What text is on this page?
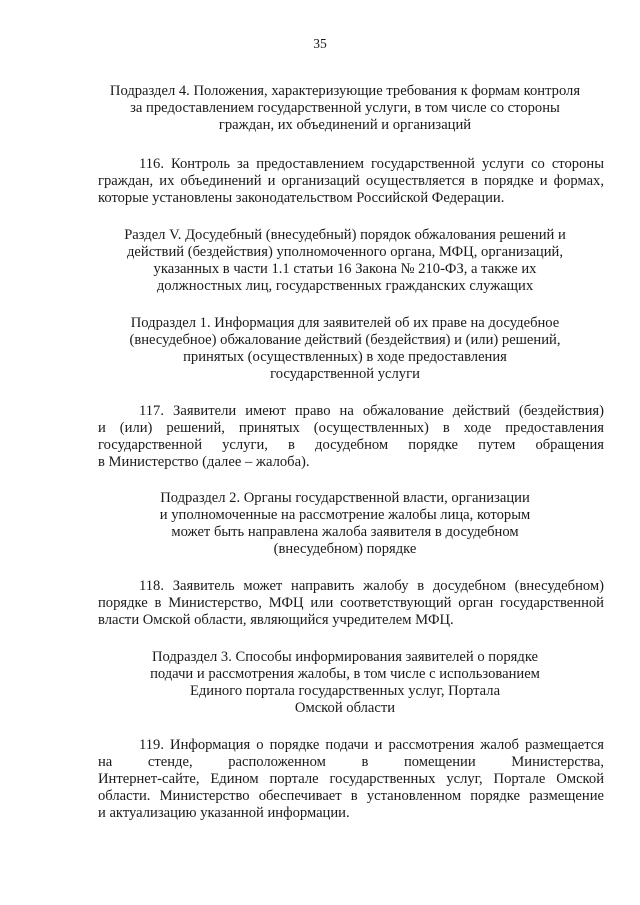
35
Подраздел 4. Положения, характеризующие требования к формам контроля
за предоставлением государственной услуги, в том числе со стороны
граждан, их объединений и организаций
116. Контроль за предоставлением государственной услуги со стороны
граждан, их объединений и организаций осуществляется в порядке и формах,
которые установлены законодательством Российской Федерации.
Раздел V. Досудебный (внесудебный) порядок обжалования решений и
действий (бездействия) уполномоченного органа, МФЦ, организаций,
указанных в части 1.1 статьи 16 Закона № 210-ФЗ, а также их
должностных лиц, государственных гражданских служащих
Подраздел 1. Информация для заявителей об их праве на досудебное
(внесудебное) обжалование действий (бездействия) и (или) решений,
принятых (осуществленных) в ходе предоставления
государственной услуги
117. Заявители имеют право на обжалование действий (бездействия)
и (или) решений, принятых (осуществленных) в ходе предоставления
государственной услуги, в досудебном порядке путем обращения
в Министерство (далее – жалоба).
Подраздел 2. Органы государственной власти, организации
и уполномоченные на рассмотрение жалобы лица, которым
может быть направлена жалоба заявителя в досудебном
(внесудебном) порядке
118. Заявитель может направить жалобу в досудебном (внесудебном)
порядке в Министерство, МФЦ или соответствующий орган государственной
власти Омской области, являющийся учредителем МФЦ.
Подраздел 3. Способы информирования заявителей о порядке
подачи и рассмотрения жалобы, в том числе с использованием
Единого портала государственных услуг, Портала
Омской области
119. Информация о порядке подачи и рассмотрения жалоб размещается
на стенде, расположенном в помещении Министерства,
Интернет-сайте, Едином портале государственных услуг, Портале Омской
области. Министерство обеспечивает в установленном порядке размещение
и актуализацию указанной информации.
